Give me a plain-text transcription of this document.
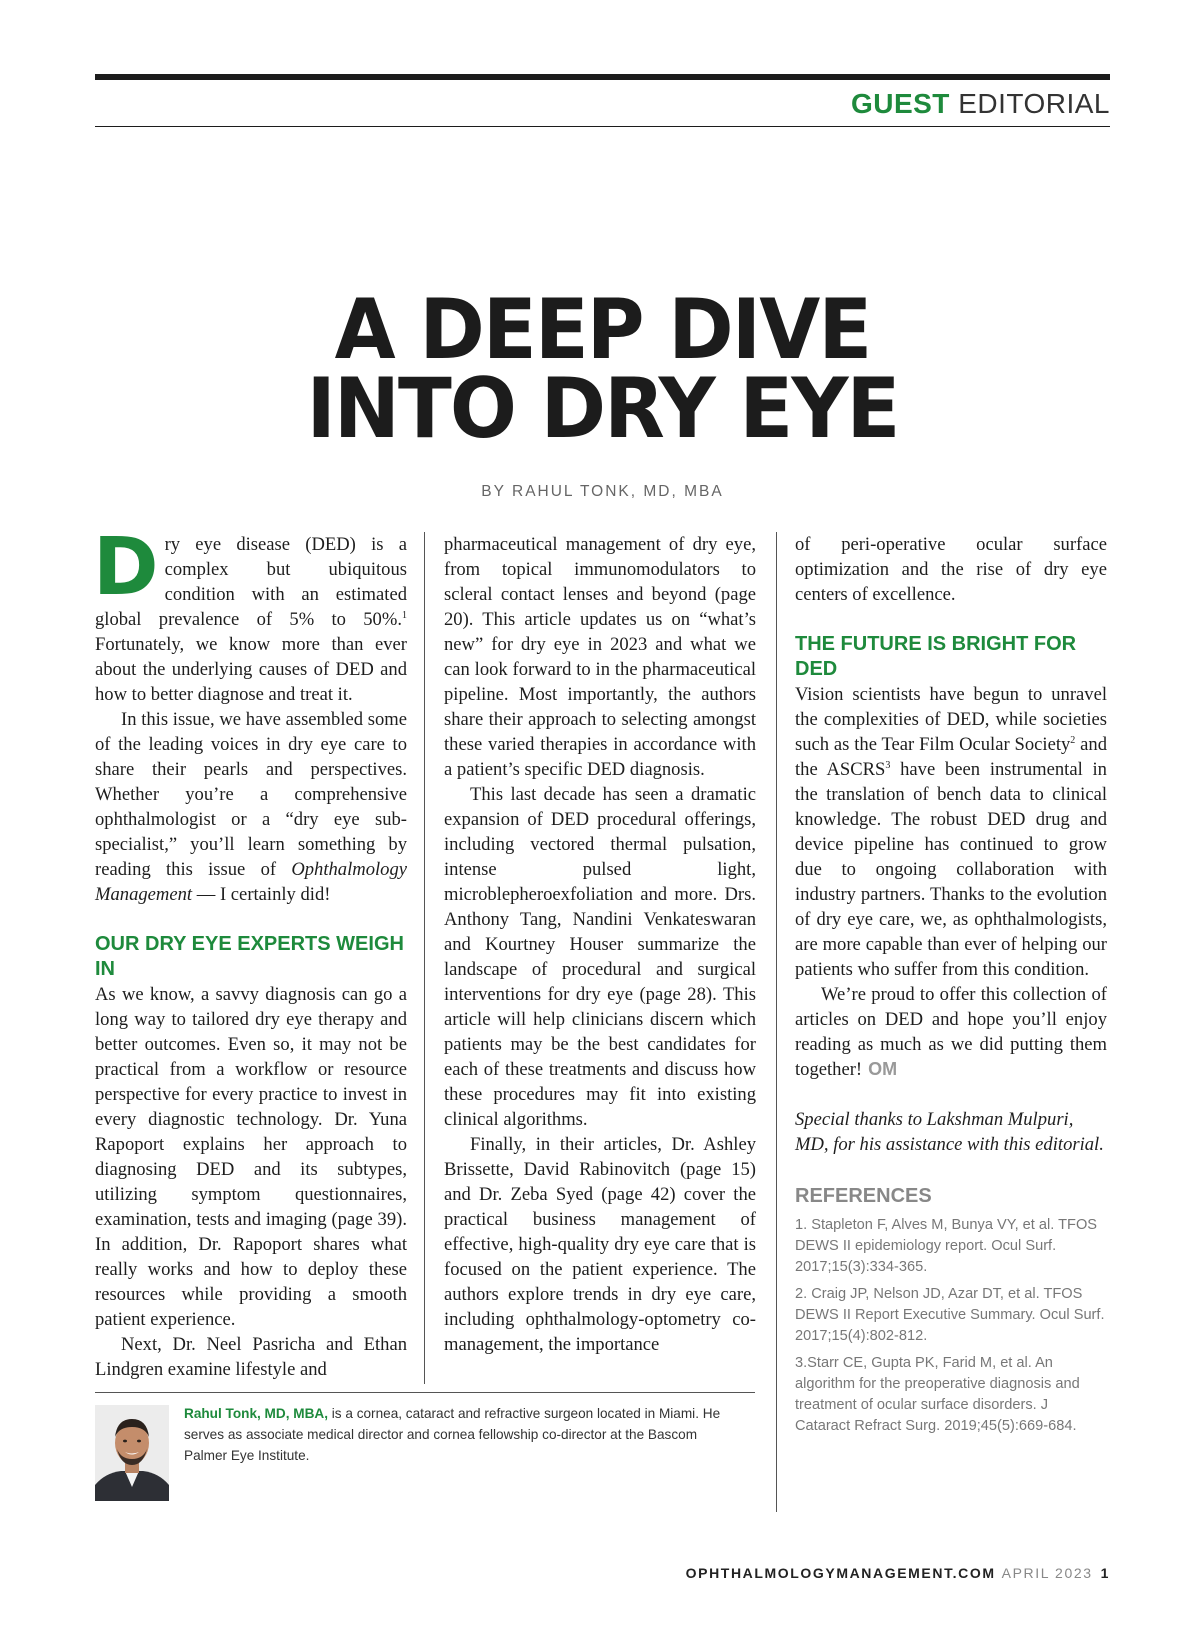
GUEST EDITORIAL
A DEEP DIVE
INTO DRY EYE
BY RAHUL TONK, MD, MBA

Dry eye disease (DED) is a complex but ubiquitous condition with an estimated global prevalence of 5% to 50%.$^1$ Fortunately, we know more than ever about the underlying causes of DED and how to better diagnose and treat it.

In this issue, we have assembled some of the leading voices in dry eye care to share their pearls and perspectives. Whether you’re a comprehensive ophthalmologist or a “dry eye sub-specialist,” you’ll learn something by reading this issue of Ophthalmology Management — I certainly did!

OUR DRY EYE EXPERTS WEIGH IN

As we know, a savvy diagnosis can go a long way to tailored dry eye therapy and better outcomes. Even so, it may not be practical from a workflow or resource perspective for every practice to invest in every diagnostic technology. Dr. Yuna Rapoport explains her approach to diagnosing DED and its subtypes, utilizing symptom questionnaires, examination, tests and imaging (page 39). In addition, Dr. Rapoport shares what really works and how to deploy these resources while providing a smooth patient experience.

Next, Dr. Neel Pasricha and Ethan Lindgren examine lifestyle and

pharmaceutical management of dry eye, from topical immunomodulators to scleral contact lenses and beyond (page 20). This article updates us on “what’s new” for dry eye in 2023 and what we can look forward to in the pharmaceutical pipeline. Most importantly, the authors share their approach to selecting amongst these varied therapies in accordance with a patient’s specific DED diagnosis.

This last decade has seen a dramatic expansion of DED procedural offerings, including vectored thermal pulsation, intense pulsed light, microblepheroexfoliation and more. Drs. Anthony Tang, Nandini Venkateswaran and Kourtney Houser summarize the landscape of procedural and surgical interventions for dry eye (page 28). This article will help clinicians discern which patients may be the best candidates for each of these treatments and discuss how these procedures may fit into existing clinical algorithms.

Finally, in their articles, Dr. Ashley Brissette, David Rabinovitch (page 15) and Dr. Zeba Syed (page 42) cover the practical business management of effective, high-quality dry eye care that is focused on the patient experience. The authors explore trends in dry eye care, including ophthalmology-optometry co-management, the importance

of peri-operative ocular surface optimization and the rise of dry eye centers of excellence.

THE FUTURE IS BRIGHT FOR DED

Vision scientists have begun to unravel the complexities of DED, while societies such as the Tear Film Ocular Society$^2$ and the ASCRS$^3$ have been instrumental in the translation of bench data to clinical knowledge. The robust DED drug and device pipeline has continued to grow due to ongoing collaboration with industry partners. Thanks to the evolution of dry eye care, we, as ophthalmologists, are more capable than ever of helping our patients who suffer from this condition.

We’re proud to offer this collection of articles on DED and hope you’ll enjoy reading as much as we did putting them together! OM

Special thanks to Lakshman Mulpuri, MD, for his assistance with this editorial.

REFERENCES

1. Stapleton F, Alves M, Bunya VY, et al. TFOS DEWS II epidemiology report. Ocul Surf. 2017;15(3):334-365.

2. Craig JP, Nelson JD, Azar DT, et al. TFOS DEWS II Report Executive Summary. Ocul Surf. 2017;15(4):802-812.

3.Starr CE, Gupta PK, Farid M, et al. An algorithm for the preoperative diagnosis and treatment of ocular surface disorders. J Cataract Refract Surg. 2019;45(5):669-684.

Rahul Tonk, MD, MBA, is a cornea, cataract and refractive surgeon located in Miami. He serves as associate medical director and cornea fellowship co-director at the Bascom Palmer Eye Institute.
OPHTHALMOLOGYMANAGEMENT.COM APRIL 2023 1
